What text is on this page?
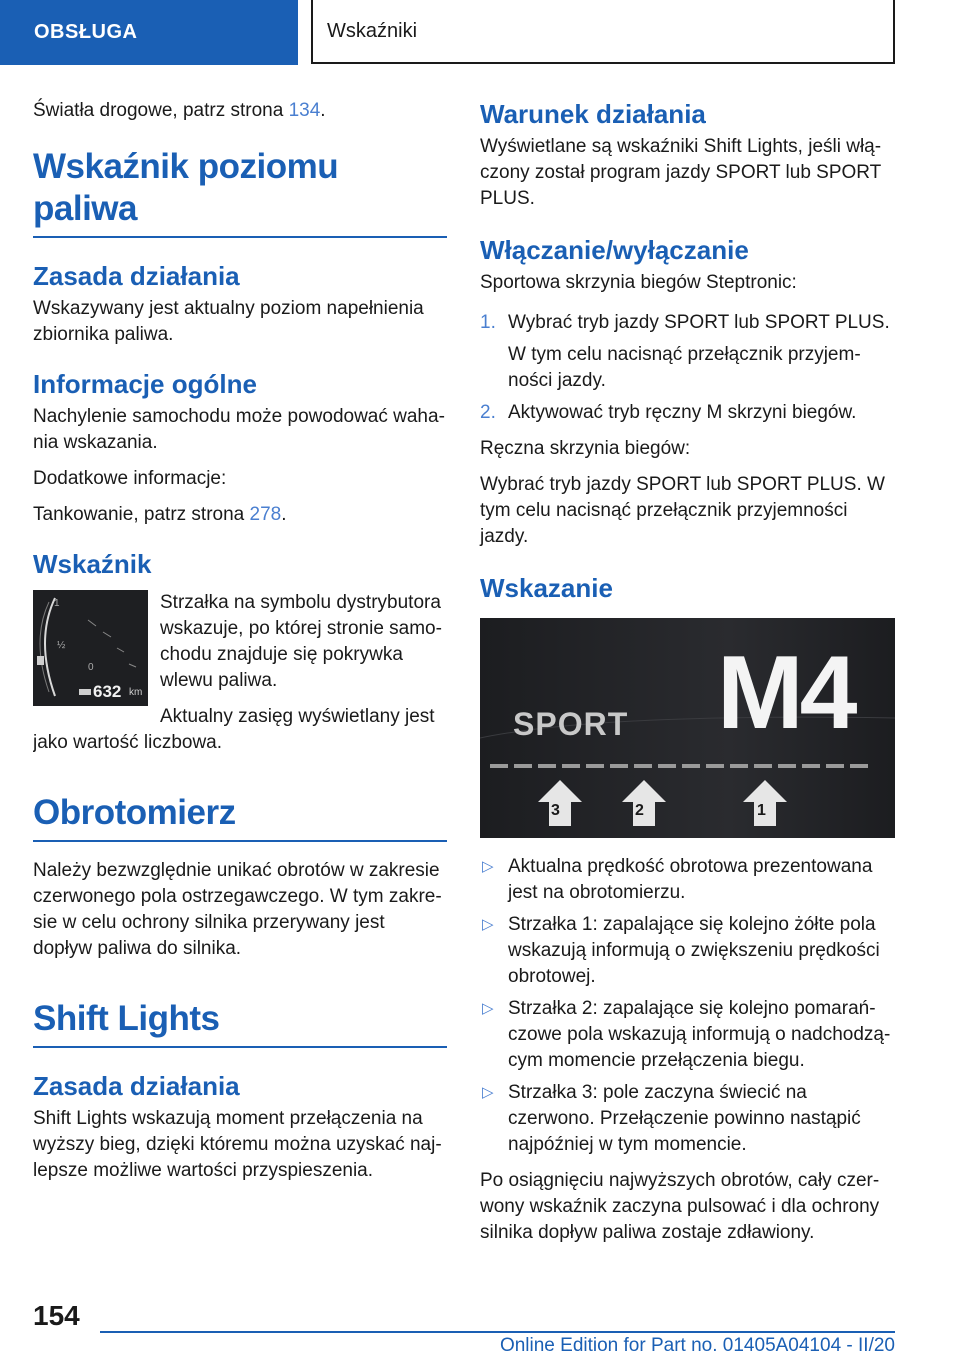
OBSŁUGA	Wskaźniki

Światła drogowe, patrz strona 134.

Wskaźnik poziomu paliwa
Zasada działania

Wskazywany jest aktualny poziom napełnienia zbiornika paliwa.

Informacje ogólne

Nachylenie samochodu może powodować wahania wskazania.

Dodatkowe informacje:

Tankowanie, patrz strona 278.

Wskaźnik
1
½
0
632 km

Strzałka na symbolu dystrybutora wskazuje, po której stronie samochodu znajduje się pokrywka wlewu paliwa.

Aktualny zasięg wyświetlany jest jako wartość liczbowa.

Obrotomierz

Należy bezwzględnie unikać obrotów w zakresie czerwonego pola ostrzegawczego. W tym zakresie w celu ochrony silnika przerywany jest dopływ paliwa do silnika.

Shift Lights
Zasada działania

Shift Lights wskazują moment przełączenia na wyższy bieg, dzięki któremu można uzyskać najlepsze możliwe wartości przyspieszenia.

Warunek działania

Wyświetlane są wskaźniki Shift Lights, jeśli włączony został program jazdy SPORT lub SPORT PLUS.

Włączanie/wyłączanie

Sportowa skrzynia biegów Steptronic:

1. Wybrać tryb jazdy SPORT lub SPORT PLUS.
W tym celu nacisnąć przełącznik przyjemności jazdy.
2. Aktywować tryb ręczny M skrzyni biegów.

Ręczna skrzynia biegów:

Wybrać tryb jazdy SPORT lub SPORT PLUS. W tym celu nacisnąć przełącznik przyjemności jazdy.

Wskazanie
SPORT M4
3	2	1
▷ Aktualna prędkość obrotowa prezentowana jest na obrotomierzu.
▷ Strzałka 1: zapalające się kolejno żółte pola wskazują informują o zwiększeniu prędkości obrotowej.
▷ Strzałka 2: zapalające się kolejno pomarańczowe pola wskazują informują o nadchodzącym momencie przełączenia biegu.
▷ Strzałka 3: pole zaczyna świecić na czerwono. Przełączenie powinno nastąpić najpóźniej w tym momencie.

Po osiągnięciu najwyższych obrotów, cały czerwony wskaźnik zaczyna pulsować i dla ochrony silnika dopływ paliwa zostaje zdławiony.

154
Online Edition for Part no. 01405A04104 - II/20
